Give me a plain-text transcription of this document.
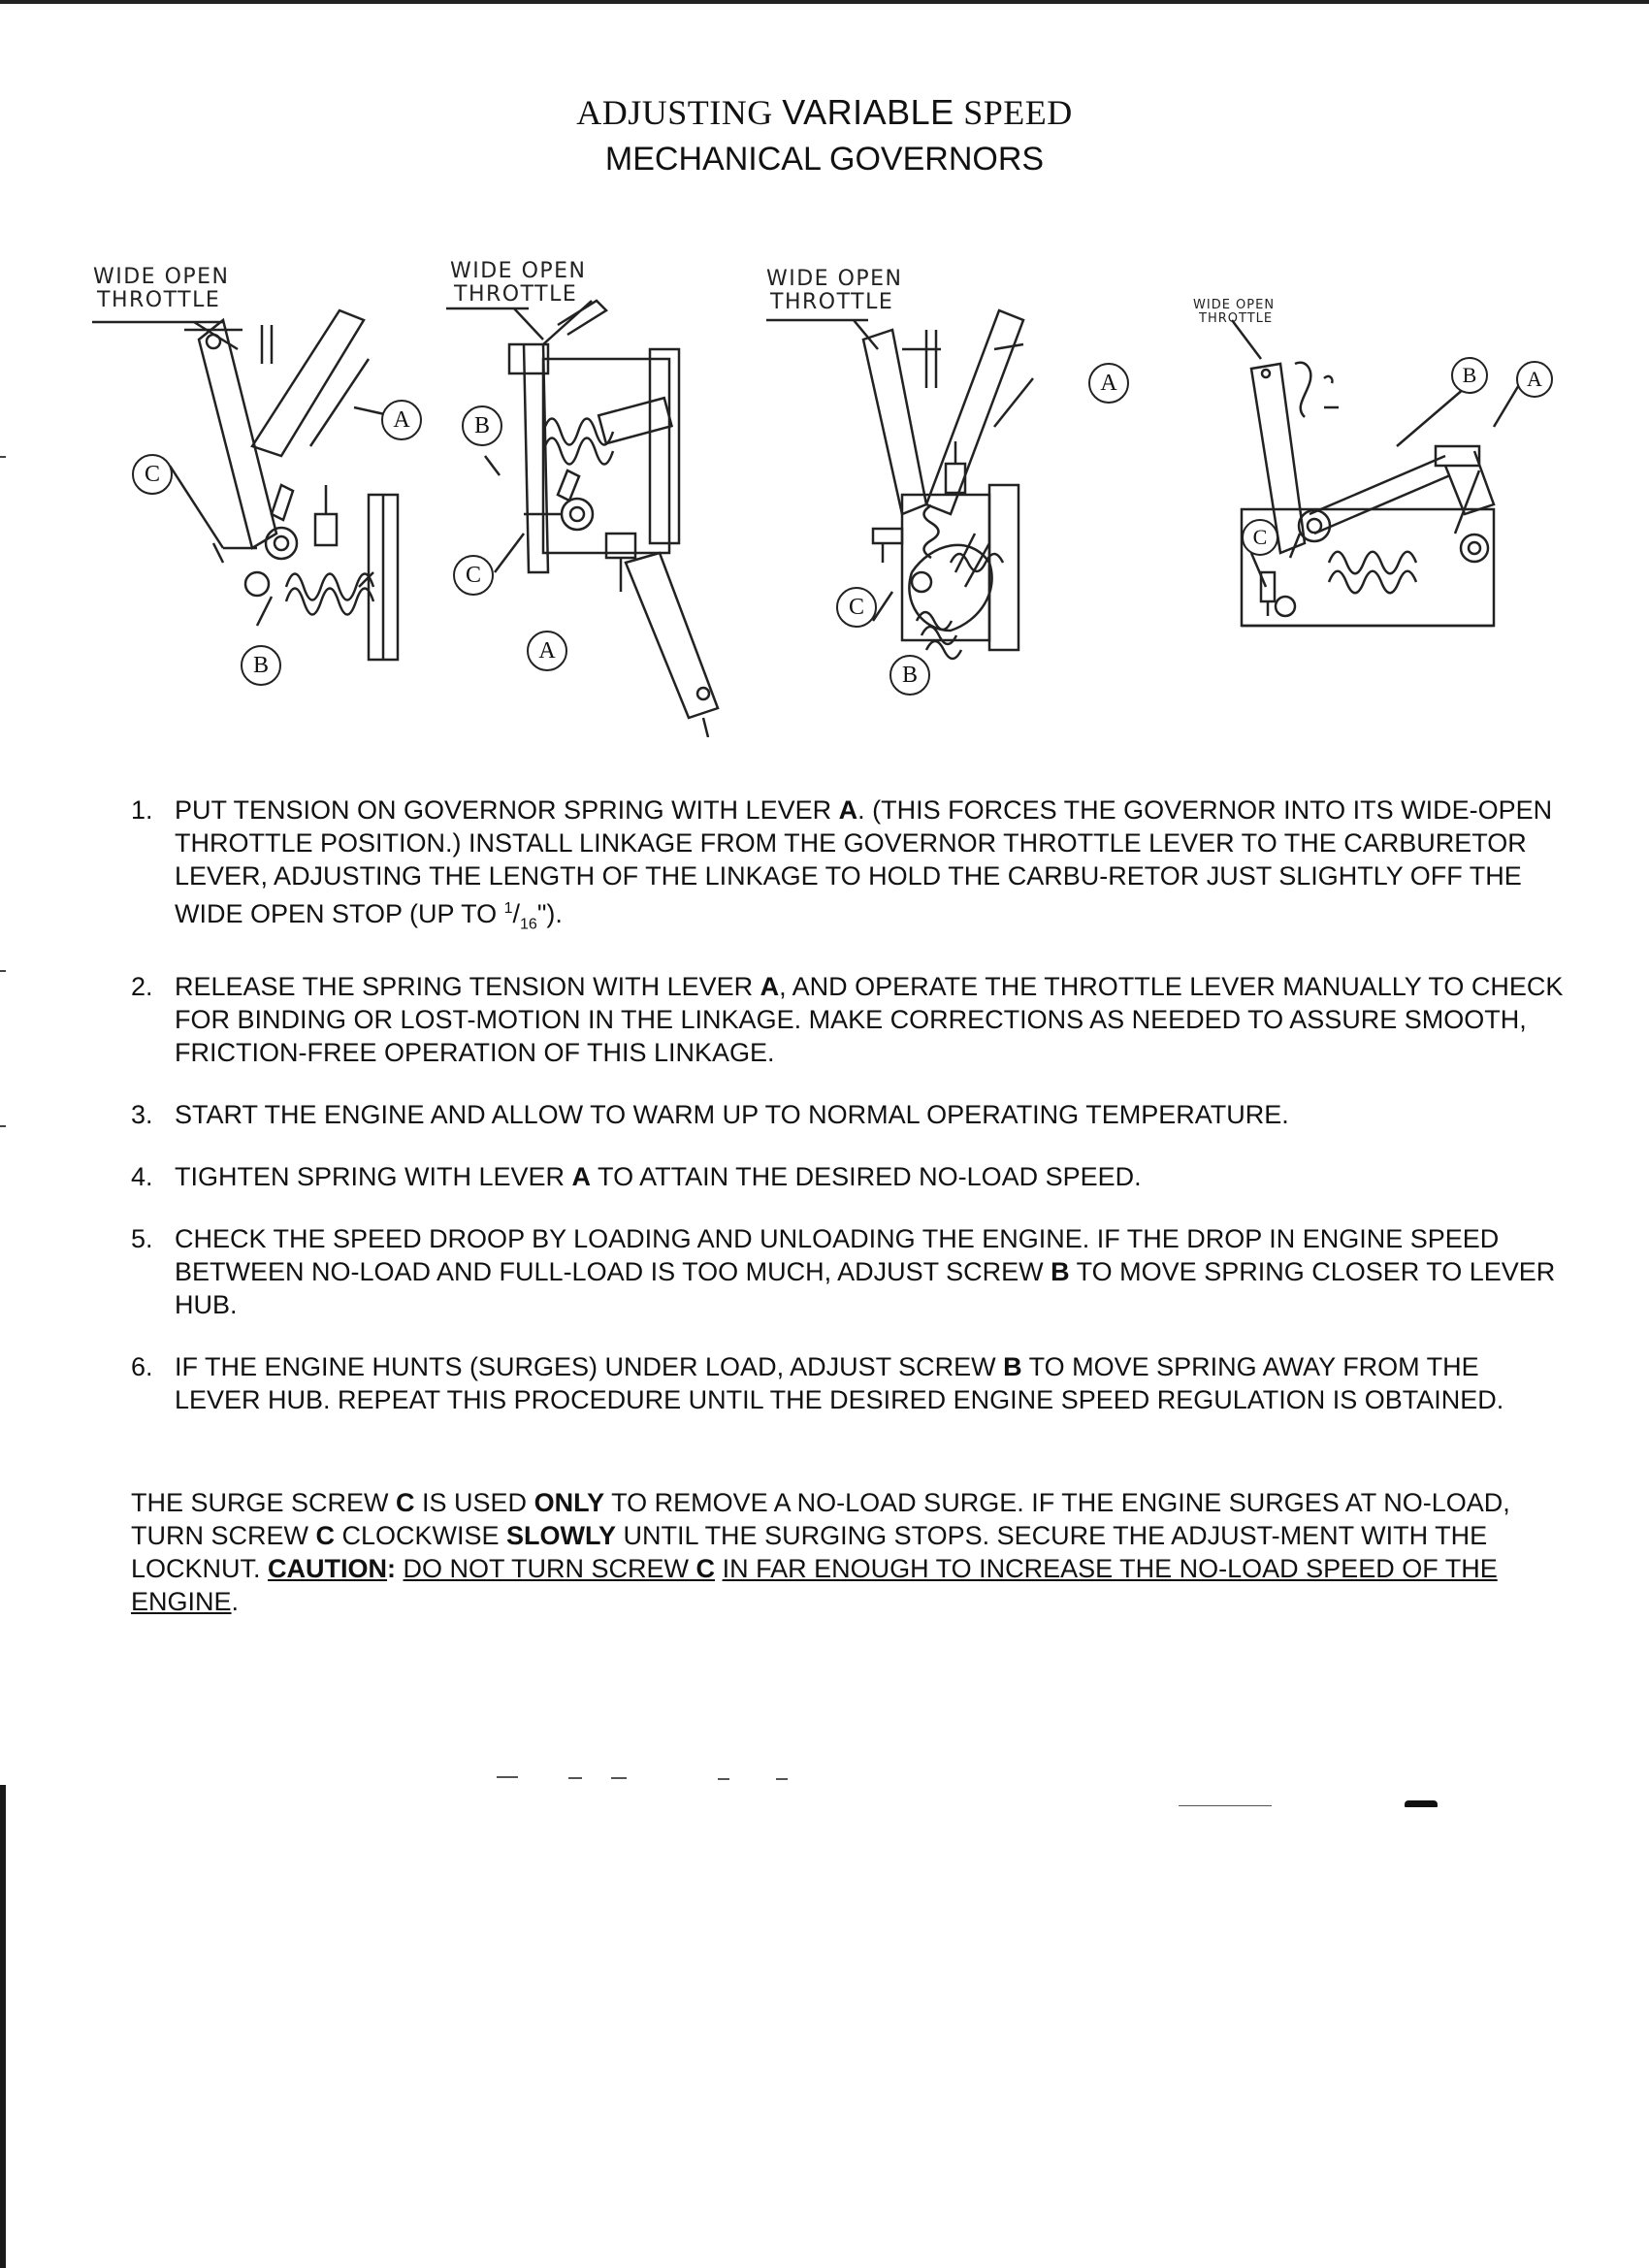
ADJUSTING VARIABLE SPEED
MECHANICAL GOVERNORS
WIDE OPEN
THROTTLE
A
C
B
WIDE OPEN
THROTTLE
B
C
A
WIDE OPEN
THROTTLE
A
C
B
WIDE OPEN
THROTTLE
A
B
C
1. PUT TENSION ON GOVERNOR SPRING WITH LEVER A. (THIS FORCES THE GOVERNOR INTO ITS WIDE-OPEN THROTTLE POSITION.) INSTALL LINKAGE FROM THE GOVERNOR THROTTLE LEVER TO THE CARBURETOR LEVER, ADJUSTING THE LENGTH OF THE LINKAGE TO HOLD THE CARBU-RETOR JUST SLIGHTLY OFF THE WIDE OPEN STOP (UP TO $^1/_{16}$").
2. RELEASE THE SPRING TENSION WITH LEVER A, AND OPERATE THE THROTTLE LEVER MANUALLY TO CHECK FOR BINDING OR LOST-MOTION IN THE LINKAGE. MAKE CORRECTIONS AS NEEDED TO ASSURE SMOOTH, FRICTION-FREE OPERATION OF THIS LINKAGE.
3. START THE ENGINE AND ALLOW TO WARM UP TO NORMAL OPERATING TEMPERATURE.
4. TIGHTEN SPRING WITH LEVER A TO ATTAIN THE DESIRED NO-LOAD SPEED.
5. CHECK THE SPEED DROOP BY LOADING AND UNLOADING THE ENGINE. IF THE DROP IN ENGINE SPEED BETWEEN NO-LOAD AND FULL-LOAD IS TOO MUCH, ADJUST SCREW B TO MOVE SPRING CLOSER TO LEVER HUB.
6. IF THE ENGINE HUNTS (SURGES) UNDER LOAD, ADJUST SCREW B TO MOVE SPRING AWAY FROM THE LEVER HUB. REPEAT THIS PROCEDURE UNTIL THE DESIRED ENGINE SPEED REGULATION IS OBTAINED.

THE SURGE SCREW C IS USED ONLY TO REMOVE A NO-LOAD SURGE. IF THE ENGINE SURGES AT NO-LOAD, TURN SCREW C CLOCKWISE SLOWLY UNTIL THE SURGING STOPS. SECURE THE ADJUST-MENT WITH THE LOCKNUT. CAUTION: DO NOT TURN SCREW C IN FAR ENOUGH TO INCREASE THE NO-LOAD SPEED OF THE ENGINE.
